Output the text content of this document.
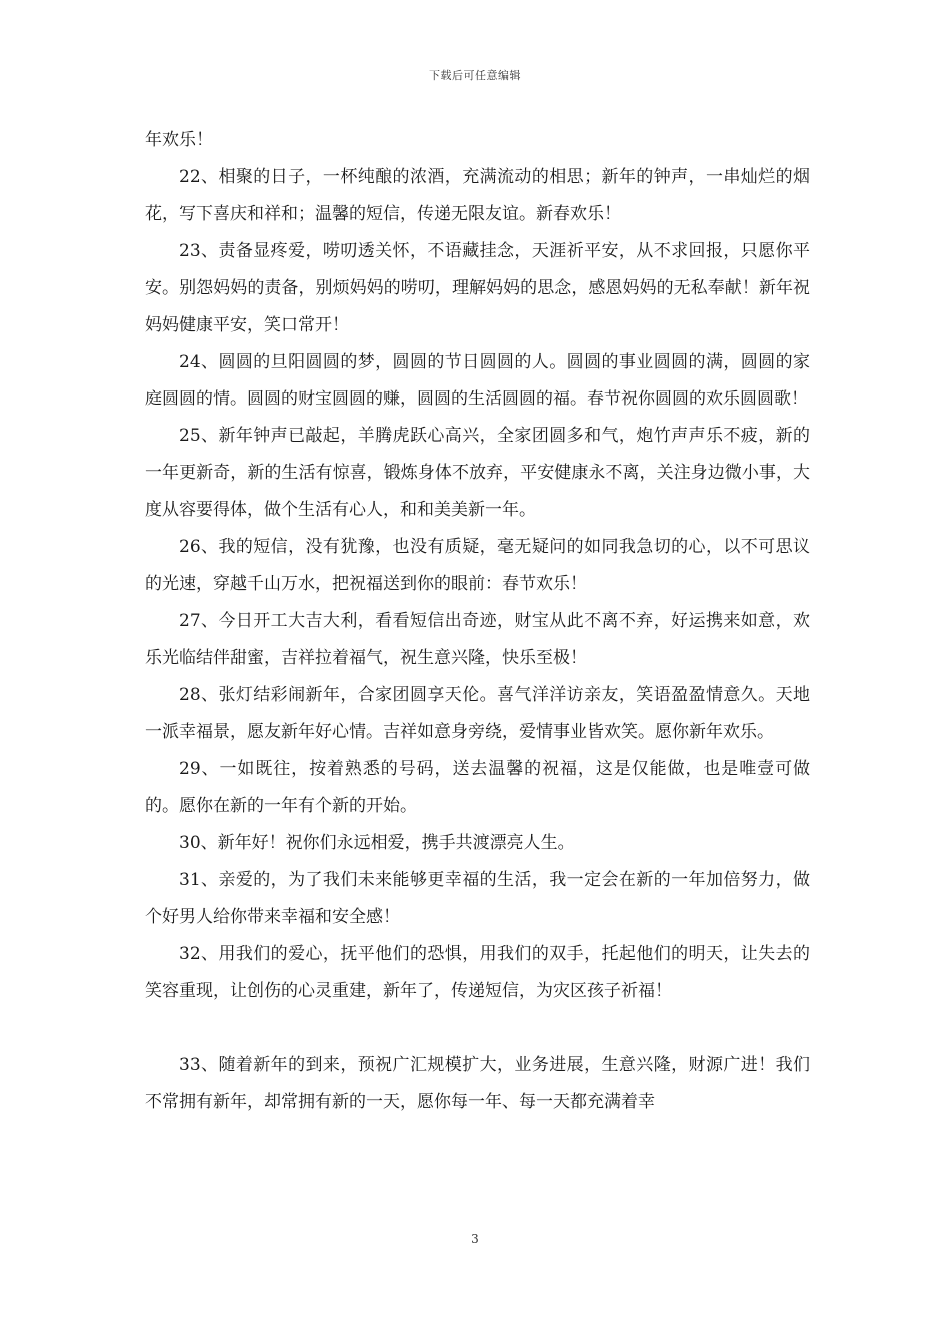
下载后可任意编辑

年欢乐！

22、相聚的日子，一杯纯酿的浓酒，充满流动的相思；新年的钟声，一串灿烂的烟花，写下喜庆和祥和；温馨的短信，传递无限友谊。新春欢乐！

23、责备显疼爱，唠叨透关怀，不语藏挂念，天涯祈平安，从不求回报，只愿你平安。别怨妈妈的责备，别烦妈妈的唠叨，理解妈妈的思念，感恩妈妈的无私奉献！新年祝妈妈健康平安，笑口常开！

24、圆圆的旦阳圆圆的梦，圆圆的节日圆圆的人。圆圆的事业圆圆的满，圆圆的家庭圆圆的情。圆圆的财宝圆圆的赚，圆圆的生活圆圆的福。春节祝你圆圆的欢乐圆圆歌！

25、新年钟声已敲起，羊腾虎跃心高兴，全家团圆多和气，炮竹声声乐不疲，新的一年更新奇，新的生活有惊喜，锻炼身体不放弃，平安健康永不离，关注身边微小事，大度从容要得体，做个生活有心人，和和美美新一年。

26、我的短信，没有犹豫，也没有质疑，毫无疑问的如同我急切的心，以不可思议的光速，穿越千山万水，把祝福送到你的眼前：春节欢乐！

27、今日开工大吉大利，看看短信出奇迹，财宝从此不离不弃，好运携来如意，欢乐光临结伴甜蜜，吉祥拉着福气，祝生意兴隆，快乐至极！

28、张灯结彩闹新年，合家团圆享天伦。喜气洋洋访亲友，笑语盈盈情意久。天地一派幸福景，愿友新年好心情。吉祥如意身旁绕，爱情事业皆欢笑。愿你新年欢乐。

29、一如既往，按着熟悉的号码，送去温馨的祝福，这是仅能做，也是唯壹可做的。愿你在新的一年有个新的开始。

30、新年好！祝你们永远相爱，携手共渡漂亮人生。

31、亲爱的，为了我们未来能够更幸福的生活，我一定会在新的一年加倍努力，做个好男人给你带来幸福和安全感！

32、用我们的爱心，抚平他们的恐惧，用我们的双手，托起他们的明天，让失去的笑容重现，让创伤的心灵重建，新年了，传递短信，为灾区孩子祈福！

33、随着新年的到来，预祝广汇规模扩大，业务进展，生意兴隆，财源广进！我们不常拥有新年，却常拥有新的一天，愿你每一年、每一天都充满着幸

3
